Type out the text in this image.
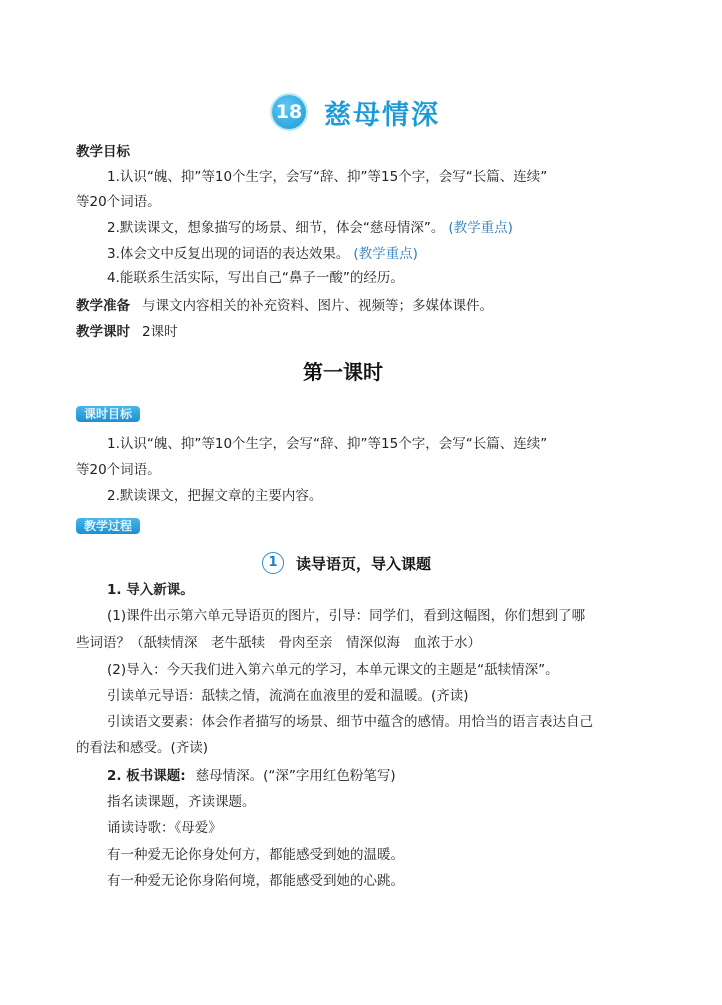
18 慈母情深
教学目标
1.认识“魄、抑”等10个生字，会写“辞、抑”等15个字，会写“长篇、连续”
等20个词语。
2.默读课文，想象描写的场景、细节，体会“慈母情深”。 (教学重点)
3.体会文中反复出现的词语的表达效果。 (教学重点)
4.能联系生活实际，写出自己“鼻子一酸”的经历。
教学准备 与课文内容相关的补充资料、图片、视频等；多媒体课件。
教学课时 2课时
第一课时
课时目标
1.认识“魄、抑”等10个生字，会写“辞、抑”等15个字，会写“长篇、连续”
等20个词语。
2.默读课文，把握文章的主要内容。
教学过程
1	读导语页，导入课题
1. 导入新课。
(1)课件出示第六单元导语页的图片，引导：同学们，看到这幅图，你们想到了哪
些词语？（舐犊情深　老牛舐犊　骨肉至亲　情深似海　血浓于水）
(2)导入：今天我们进入第六单元的学习，本单元课文的主题是“舐犊情深”。
引读单元导语：舐犊之情，流淌在血液里的爱和温暖。(齐读)
引读语文要素：体会作者描写的场景、细节中蕴含的感情。用恰当的语言表达自己
的看法和感受。(齐读)
2. 板书课题: 慈母情深。(“深”字用红色粉笔写)
指名读课题，齐读课题。
诵读诗歌：《母爱》
有一种爱无论你身处何方，都能感受到她的温暖。
有一种爱无论你身陷何境，都能感受到她的心跳。
